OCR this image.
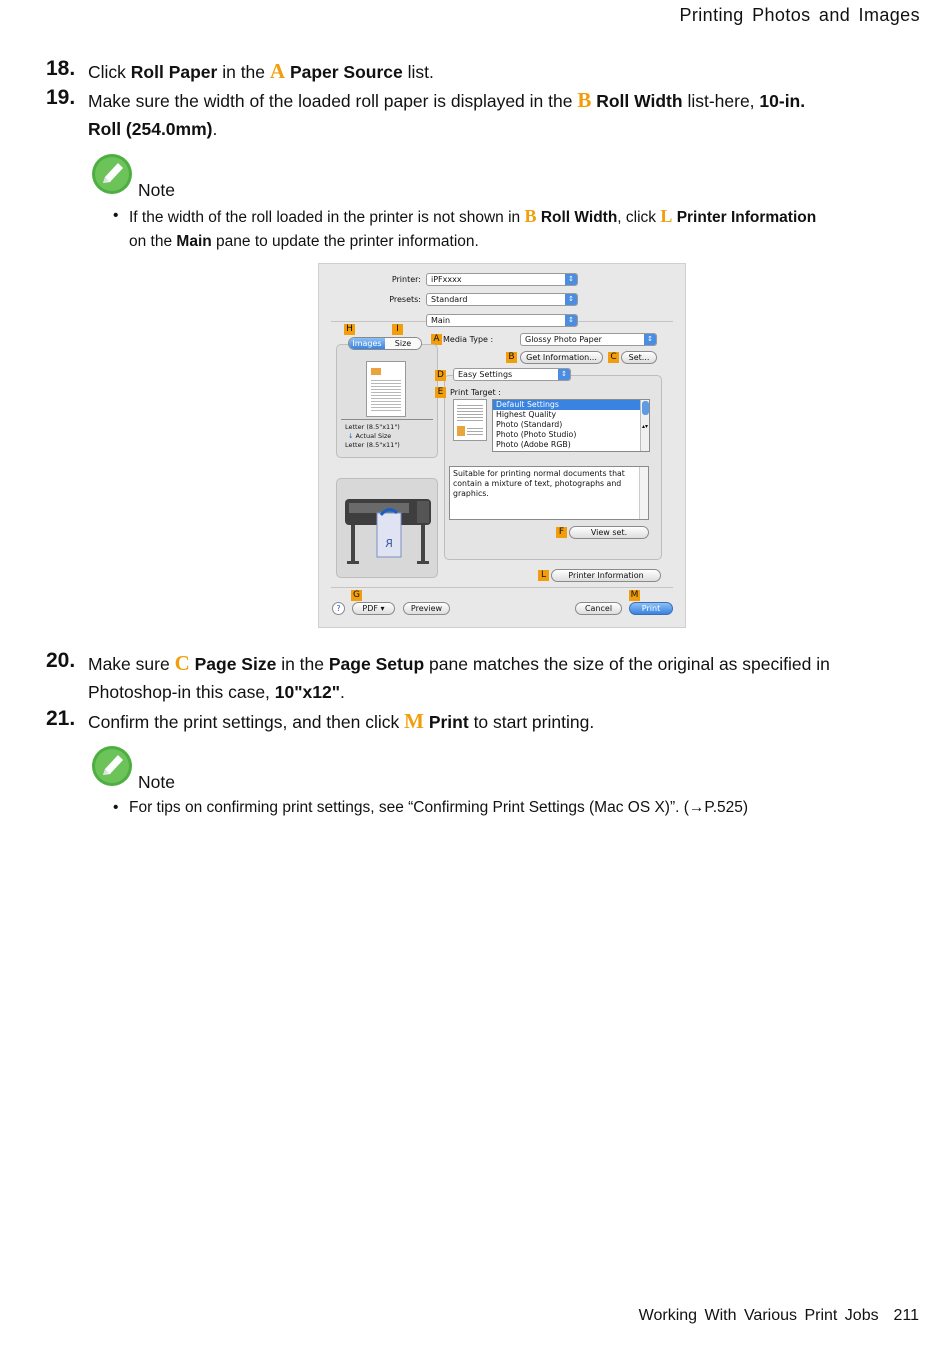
Printing Photos and Images
18. Click Roll Paper in the A Paper Source list.
19. Make sure the width of the loaded roll paper is displayed in the B Roll Width list-here, 10-in.
Roll (254.0mm).
Note
• If the width of the roll loaded in the printer is not shown in B Roll Width, click L Printer Information
on the Main pane to update the printer information.
Printer:	iPFxxxx	↕
Presets:	Standard	↕
Main	↕
H	I
A
Images	Size
Letter (8.5"x11")
↓ Actual Size
Letter (8.5"x11")
R
Media Type :	Glossy Photo Paper	↕
B	Get Information...	C	Set...
D	Easy Settings	↕
E Print Target :
Default Settings
Highest Quality
Photo (Standard)
Photo (Photo Studio)
Photo (Adobe RGB)
▴▾
Suitable for printing normal documents that contain a mixture of text, photographs and graphics.
F	View set.
L	Printer Information
G	M
?	PDF ▾	Preview	Cancel	Print
20. Make sure C Page Size in the Page Setup pane matches the size of the original as specified in
Photoshop-in this case, 10"x12".
21. Confirm the print settings, and then click M Print to start printing.
Note
• For tips on confirming print settings, see “Confirming Print Settings (Mac OS X)”. (→P.525)
Working With Various Print Jobs 211
